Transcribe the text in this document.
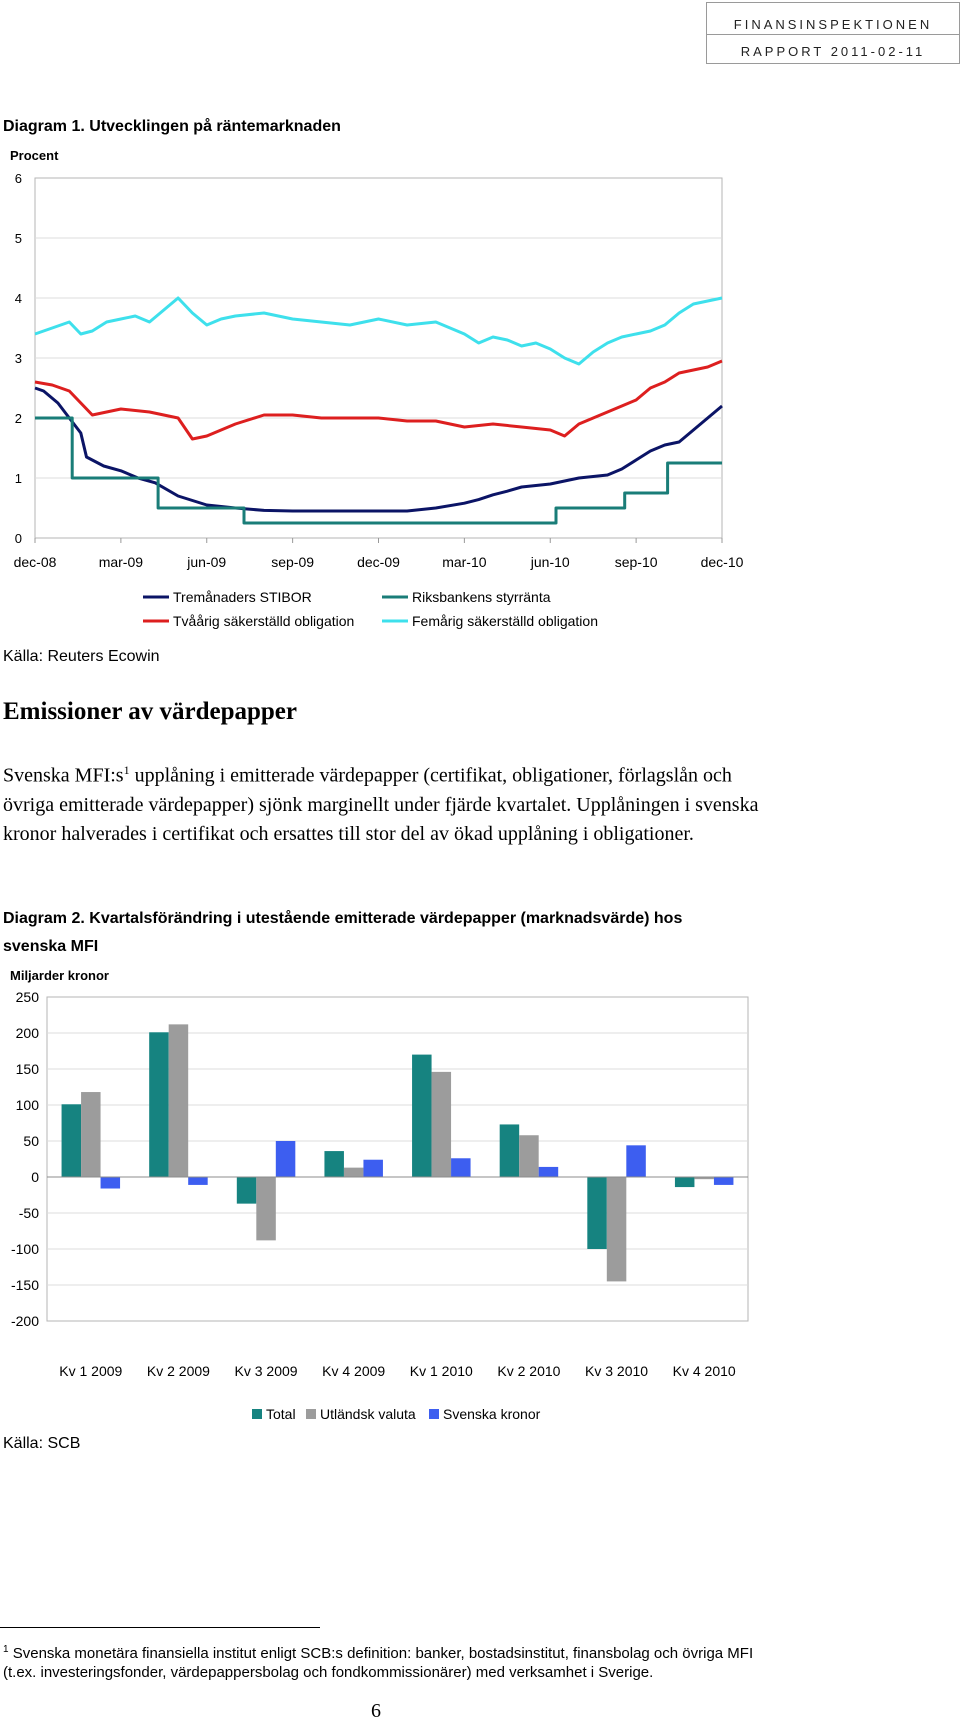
FINANSINSPEKTIONEN
RAPPORT 2011-02-11
Diagram 1. Utvecklingen på räntemarknaden
Procent
6
5
4
3
2
1
0
dec-08	mar-09	jun-09	sep-09	dec-09	mar-10	jun-10	sep-10	dec-10
Tremånaders STIBOR	Riksbankens styrränta
Tvåårig säkerställd obligation	Femårig säkerställd obligation
Källa: Reuters Ecowin
Emissioner av värdepapper
Svenska $MFI:s^1$ upplåning i emitterade värdepapper (certifikat, obligationer, förlagslån och övriga emitterade värdepapper) sjönk marginellt under fjärde kvartalet. Upplåningen i svenska kronor halverades i certifikat och ersattes till stor del av ökad upplåning i obligationer.
Diagram 2. Kvartalsförändring i utestående emitterade värdepapper (marknadsvärde) hos
svenska MFI
Miljarder kronor
250
200
150
100
50
0
-50
-100
-150
-200
Kv 1 2009 Kv 2 2009 Kv 3 2009 Kv 4 2009 Kv 1 2010 Kv 2 2010 Kv 3 2010 Kv 4 2010
Total Utländsk valuta Svenska kronor
Källa: SCB
$^1$ Svenska monetära finansiella institut enligt SCB:s definition: banker, bostadsinstitut, finansbolag och övriga MFI (t.ex. investeringsfonder, värdepappersbolag och fondkommissionärer) med verksamhet i Sverige.
6
